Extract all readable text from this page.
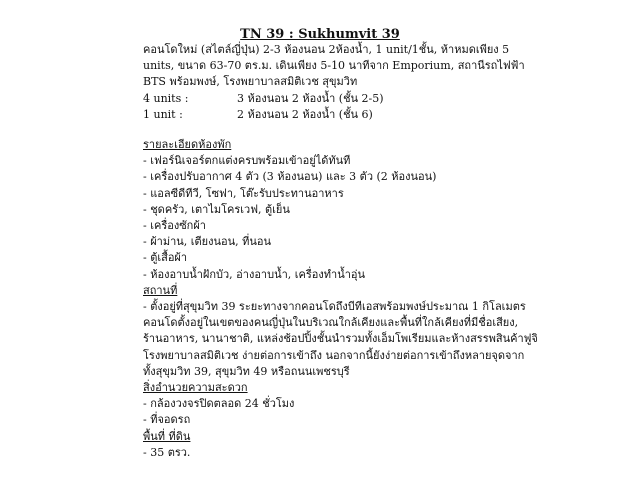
TN 39 : Sukhumvit 39
คอนโดใหม่ (สไตล์ญี่ปุ่น) 2-3 ห้องนอน 2ห้องน้ำ, 1 unit/1ชั้น, ห้าหมดเพียง 5
units, ขนาด 63-70 ตร.ม. เดินเพียง 5-10 นาทีจาก Emporium, สถานีรถไฟฟ้า
BTS พร้อมพงษ์, โรงพยาบาลสมิติเวช สุขุมวิท
4 units :	3 ห้องนอน 2 ห้องน้ำ (ชั้น 2-5)
1 unit :	2 ห้องนอน 2 ห้องน้ำ (ชั้น 6)
รายละเอียดห้องพัก
- เฟอร์นิเจอร์ตกแต่งครบพร้อมเข้าอยู่ได้ทันที
- เครื่องปรับอากาศ 4 ตัว (3 ห้องนอน) และ 3 ตัว (2 ห้องนอน)
- แอลซีดีทีวี, โซฟา, โต๊ะรับประทานอาหาร
- ชุดครัว, เตาไมโครเวฟ, ตู้เย็น
- เครื่องซักผ้า
- ผ้าม่าน, เตียงนอน, ที่นอน
- ตู้เสื้อผ้า
- ห้องอาบน้ำฝักบัว, อ่างอาบน้ำ, เครื่องทำน้ำอุ่น
สถานที่
- ตั้งอยู่ที่สุขุมวิท 39 ระยะทางจากคอนโดถึงบีทีเอสพร้อมพงษ์ประมาณ 1 กิโลเมตร
คอนโดตั้งอยู่ในเขตของคนญี่ปุ่นในบริเวณใกล้เคียงและพื้นที่ใกล้เคียงที่มีชื่อเสียง,
ร้านอาหาร, นานาชาติ, แหล่งช้อปปิ้งชั้นนำรวมทั้งเอ็มโพเรียมและห้างสรรพสินค้าฟูจิ
โรงพยาบาลสมิติเวช ง่ายต่อการเข้าถึง นอกจากนี้ยังง่ายต่อการเข้าถึงหลายจุดจาก
ทั้งสุขุมวิท 39, สุขุมวิท 49 หรือถนนเพชรบุรี
สิ่งอำนวยความสะดวก
- กล้องวงจรปิดตลอด 24 ชั่วโมง
- ที่จอดรถ
พื้นที่ ที่ดิน
- 35 ตรว.
